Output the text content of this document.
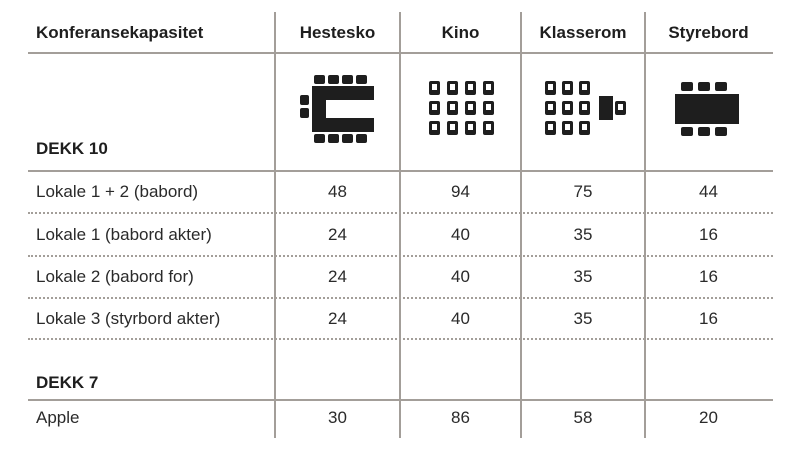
Konferansekapasitet	Hestesko	Kino	Klasserom	Styrebord
DEKK 10
Lokale 1 + 2 (babord)	48	94	75	44
Lokale 1 (babord akter)	24	40	35	16
Lokale 2 (babord for)	24	40	35	16
Lokale 3 (styrbord akter)	24	40	35	16
DEKK 7
Apple	30	86	58	20
